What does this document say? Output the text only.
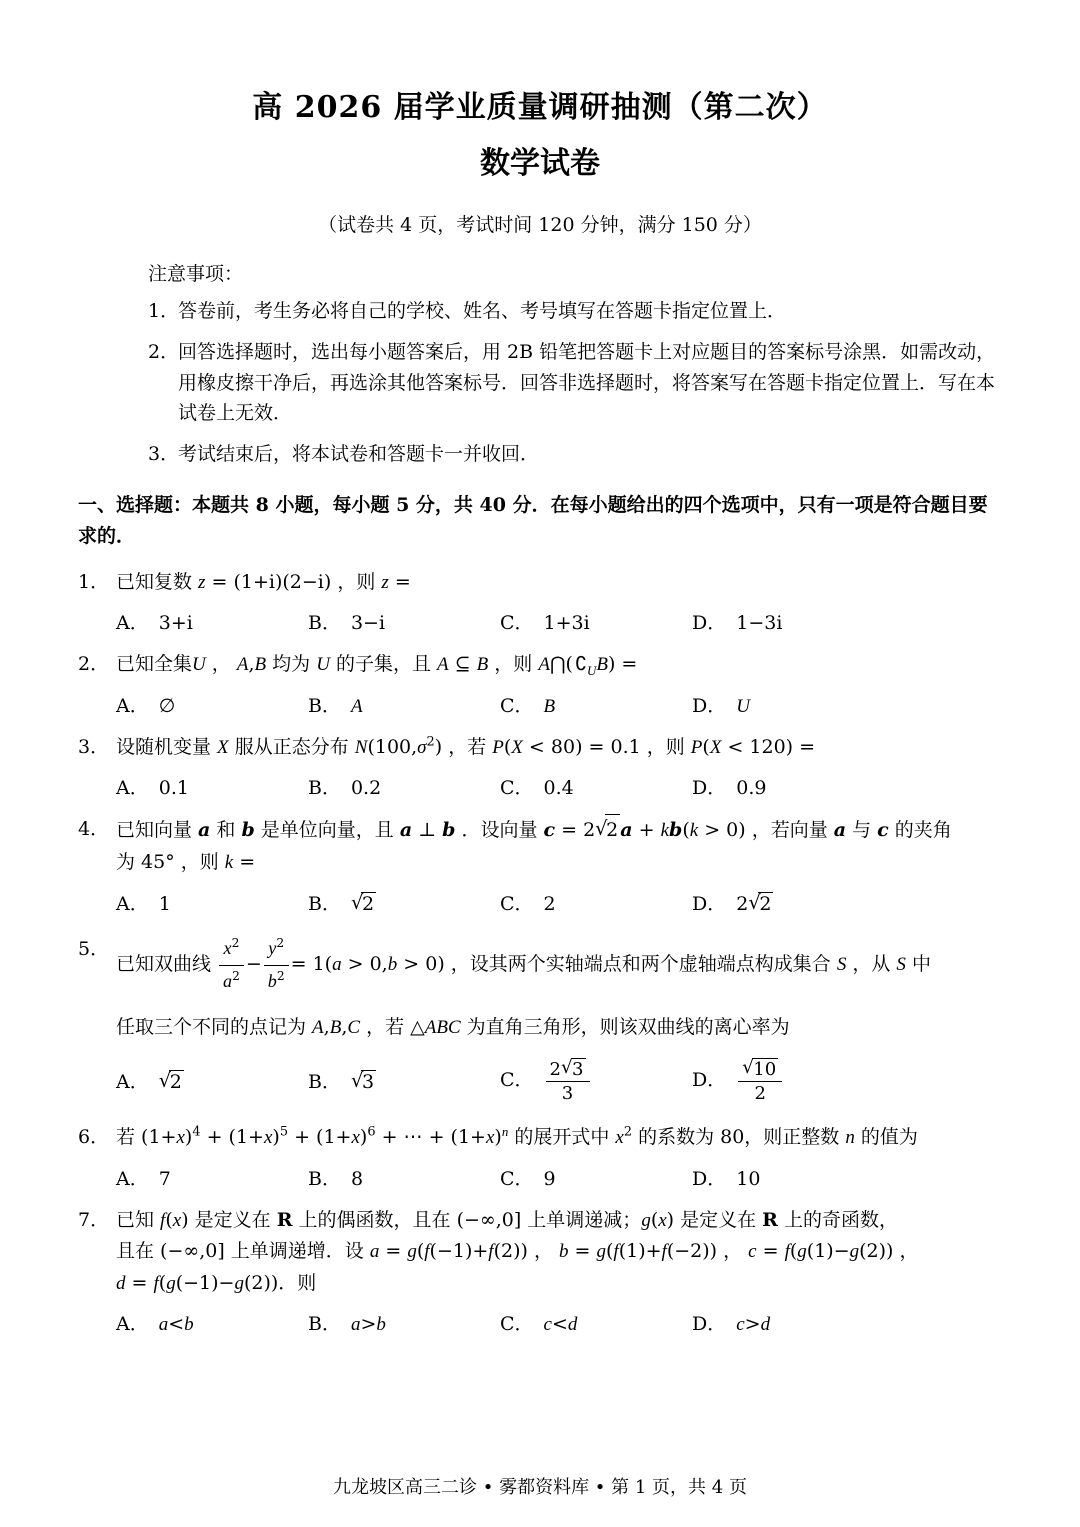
高 2026 届学业质量调研抽测（第二次）
数学试卷
（试卷共 4 页，考试时间 120 分钟，满分 150 分）
注意事项：
1．
答卷前，考生务必将自己的学校、姓名、考号填写在答题卡指定位置上．
2．
回答选择题时，选出每小题答案后，用 2B 铅笔把答题卡上对应题目的答案标号涂黑．如需改动，用橡皮擦干净后，再选涂其他答案标号．回答非选择题时，将答案写在答题卡指定位置上．写在本试卷上无效．
3．
考试结束后，将本试卷和答题卡一并收回．
一、选择题：本题共 8 小题，每小题 5 分，共 40 分．在每小题给出的四个选项中，只有一项是符合题目要求的．
1． 已知复数 z = (1+i)(2−i) ，则 z =
A． 3+i	B． 3−i	C． 1+3i	D． 1−3i
2． 已知全集U ， A,B 均为 U 的子集，且 A ⊆ B ，则 A⋂( $∁_UB$) =
A． ∅	B． A	C． B	D． U
3． 设随机变量 X 服从正态分布 $N(100,\sigma^2)$ ，若 P(X < 80) = 0.1 ，则 P(X < 120) =
A． 0.1	B． 0.2	C． 0.4	D． 0.9
4． 已知向量 a 和 b 是单位向量，且 a ⊥ b ．设向量 c = 2 √ 2 a + kb(k > 0) ，若向量 a 与 c 的夹角
为 45° ，则 k =
A． 1	B． √ 2	C． 2	D． 2 √ 2
5．
已知双曲线 $\frac{x^2}{a^2} - \frac{y^2}{b^2} = 1(a > 0,b > 0)$ ，设其两个实轴端点和两个虚轴端点构成集合 S ，从 S 中
任取三个不同的点记为 A,B,C ，若 △ABC 为直角三角形，则该双曲线的离心率为
A． √ 2	B． √ 3	C． $\frac{2 √ 3}{3}$	D． √ $\frac{10}{2}$
6． 若 $(1+x)^4 + (1+x)^5 + (1+x)^6$ + ⋯ + $(1+x)^n$ 的展开式中 $x^2$ 的系数为 80，则正整数 n 的值为
A． 7	B． 8	C． 9	D． 10
7． 已知 f(x) 是定义在 R 上的偶函数，且在 (−∞,0] 上单调递减；g(x) 是定义在 R 上的奇函数，
且在 (−∞,0] 上单调递增．设 a = g(f(−1)+f(2)) ， b = g(f(1)+f(−2)) ， c = f(g(1)−g(2)) ，
d = f(g(−1)−g(2))．则
A． a<b	B． a>b	C． c<d	D． c>d
九龙坡区高三二诊 • 雾都资料库 • 第 1 页，共 4 页
